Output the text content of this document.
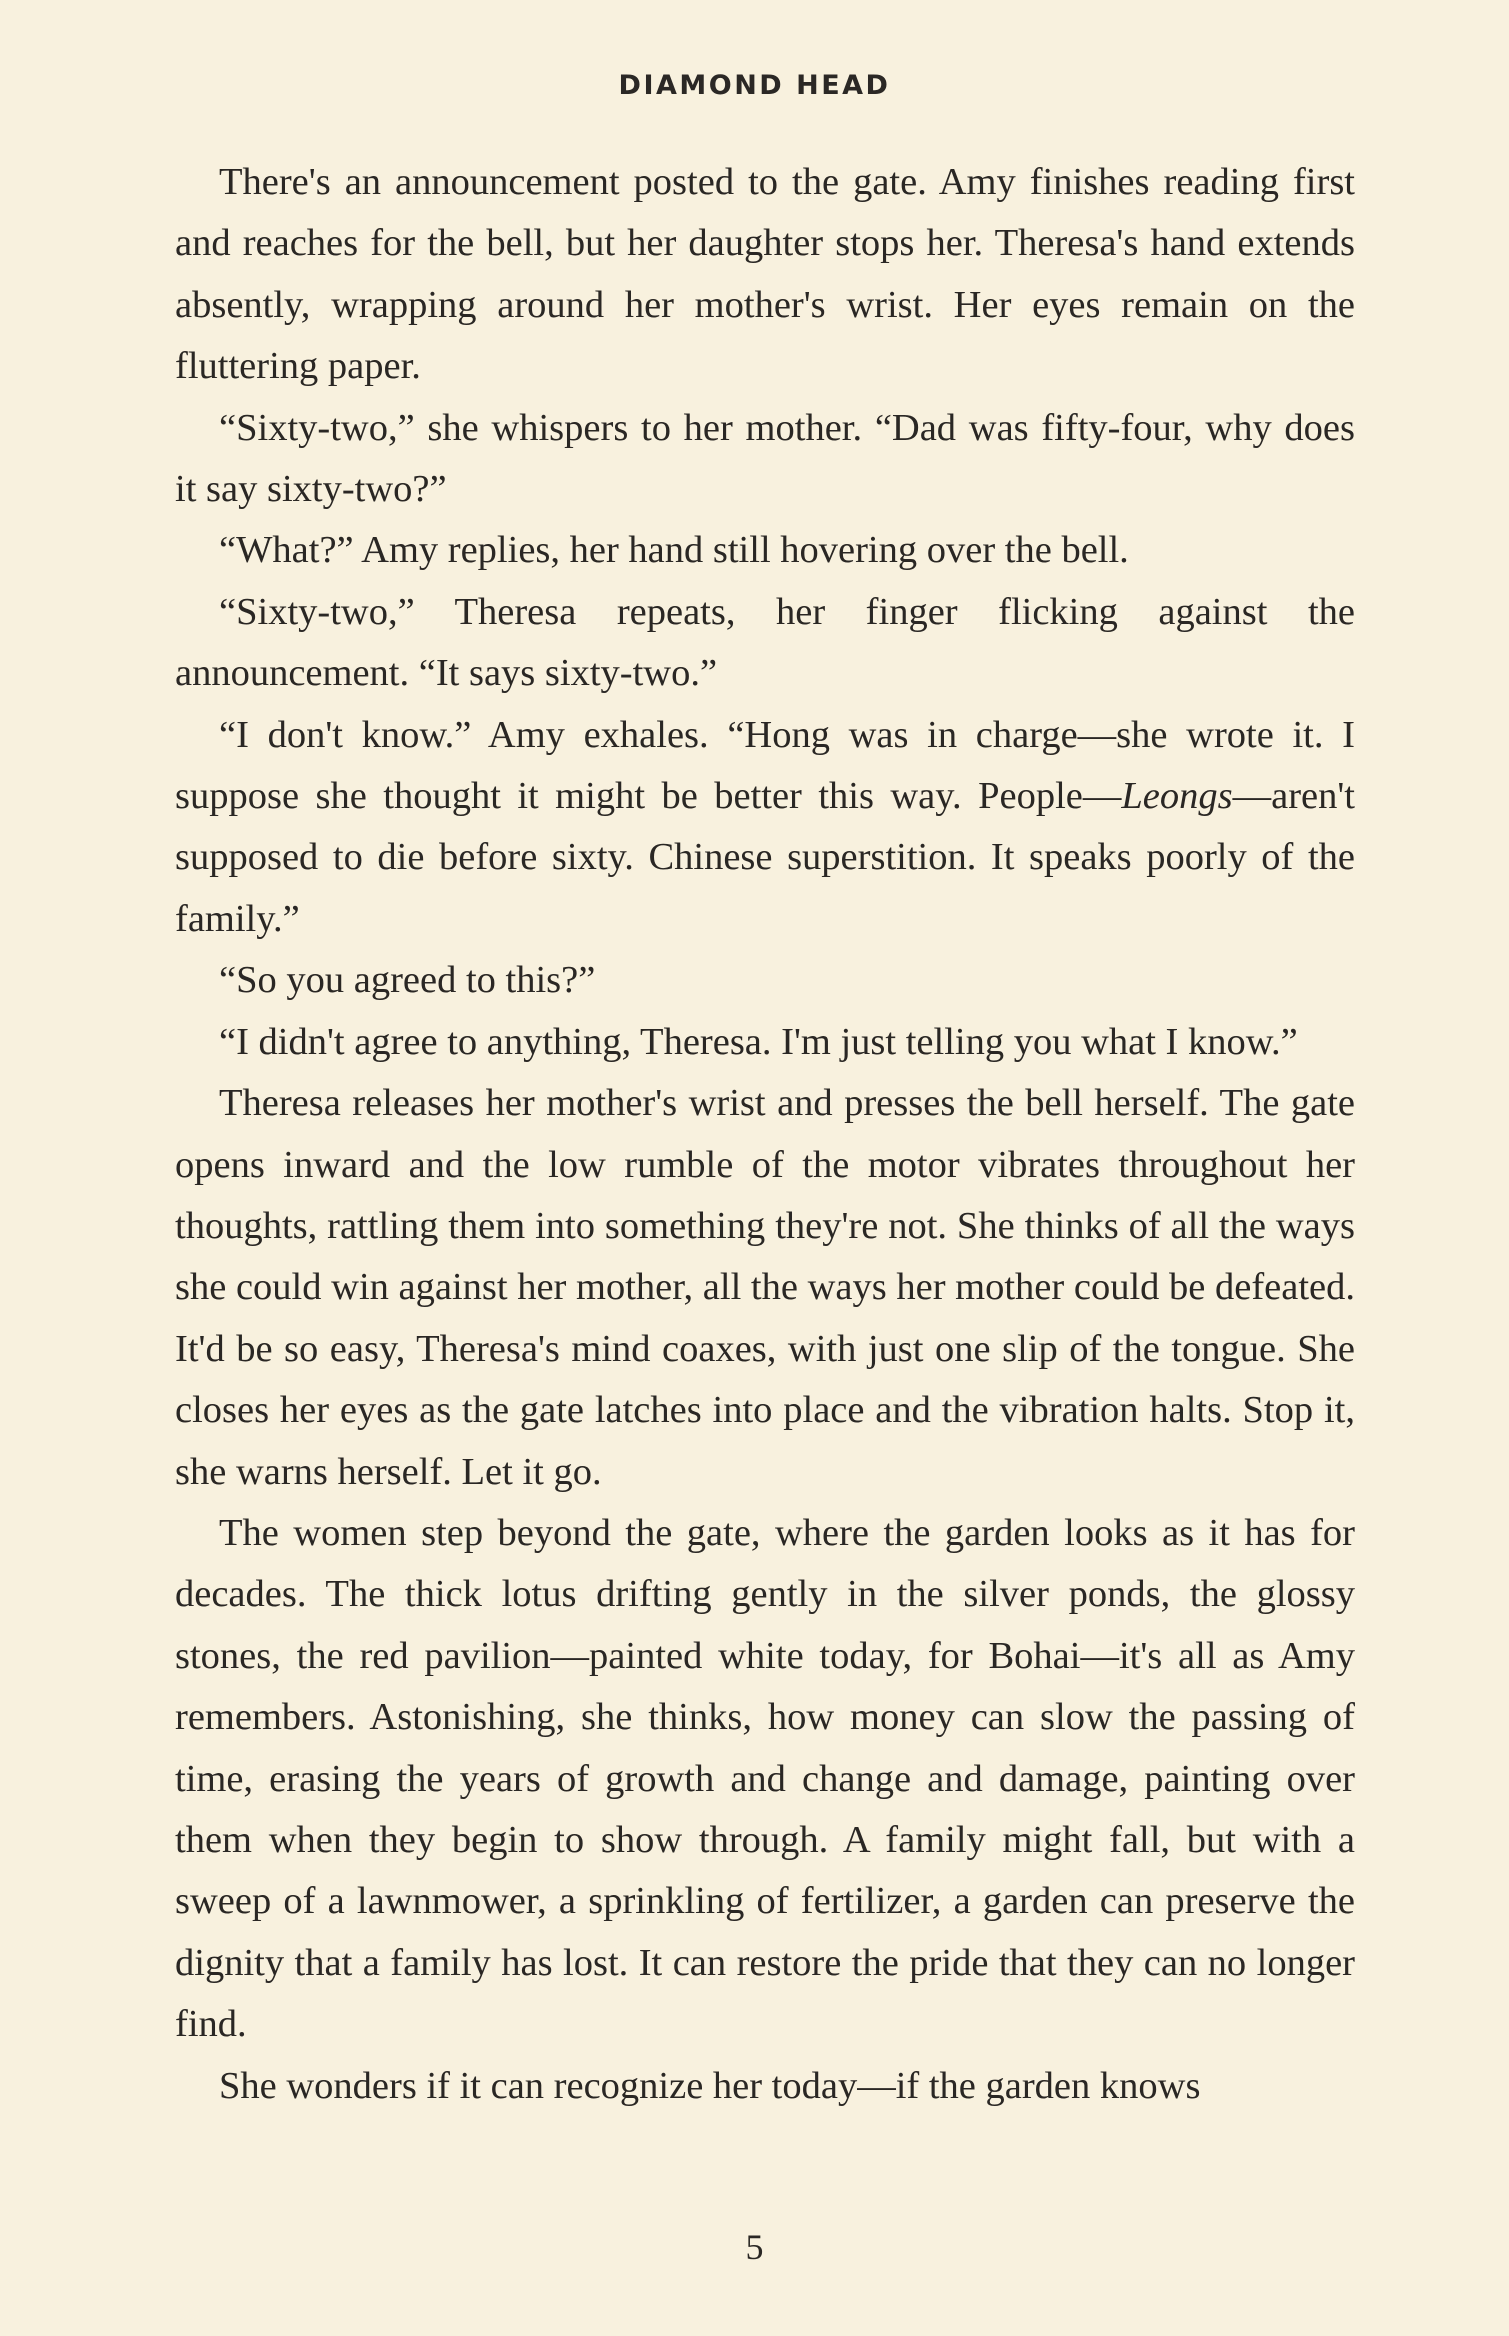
DIAMOND HEAD

There's an announcement posted to the gate. Amy finishes reading first and reaches for the bell, but her daughter stops her. Theresa's hand extends absently, wrapping around her mother's wrist. Her eyes remain on the fluttering paper.

“Sixty-two,” she whispers to her mother. “Dad was fifty-four, why does it say sixty-two?”

“What?” Amy replies, her hand still hovering over the bell.

“Sixty-two,” Theresa repeats, her finger flicking against the announcement. “It says sixty-two.”

“I don't know.” Amy exhales. “Hong was in charge—she wrote it. I suppose she thought it might be better this way. People—Leongs—aren't supposed to die before sixty. Chinese superstition. It speaks poorly of the family.”

“So you agreed to this?”

“I didn't agree to anything, Theresa. I'm just telling you what I know.”

Theresa releases her mother's wrist and presses the bell herself. The gate opens inward and the low rumble of the motor vibrates throughout her thoughts, rattling them into something they're not. She thinks of all the ways she could win against her mother, all the ways her mother could be defeated. It'd be so easy, Theresa's mind coaxes, with just one slip of the tongue. She closes her eyes as the gate latches into place and the vibration halts. Stop it, she warns herself. Let it go.

The women step beyond the gate, where the garden looks as it has for decades. The thick lotus drifting gently in the silver ponds, the glossy stones, the red pavilion—painted white today, for Bohai—it's all as Amy remembers. Astonishing, she thinks, how money can slow the passing of time, erasing the years of growth and change and damage, painting over them when they begin to show through. A family might fall, but with a sweep of a lawnmower, a sprinkling of fertilizer, a garden can preserve the dignity that a family has lost. It can restore the pride that they can no longer find.

She wonders if it can recognize her today—if the garden knows

5
